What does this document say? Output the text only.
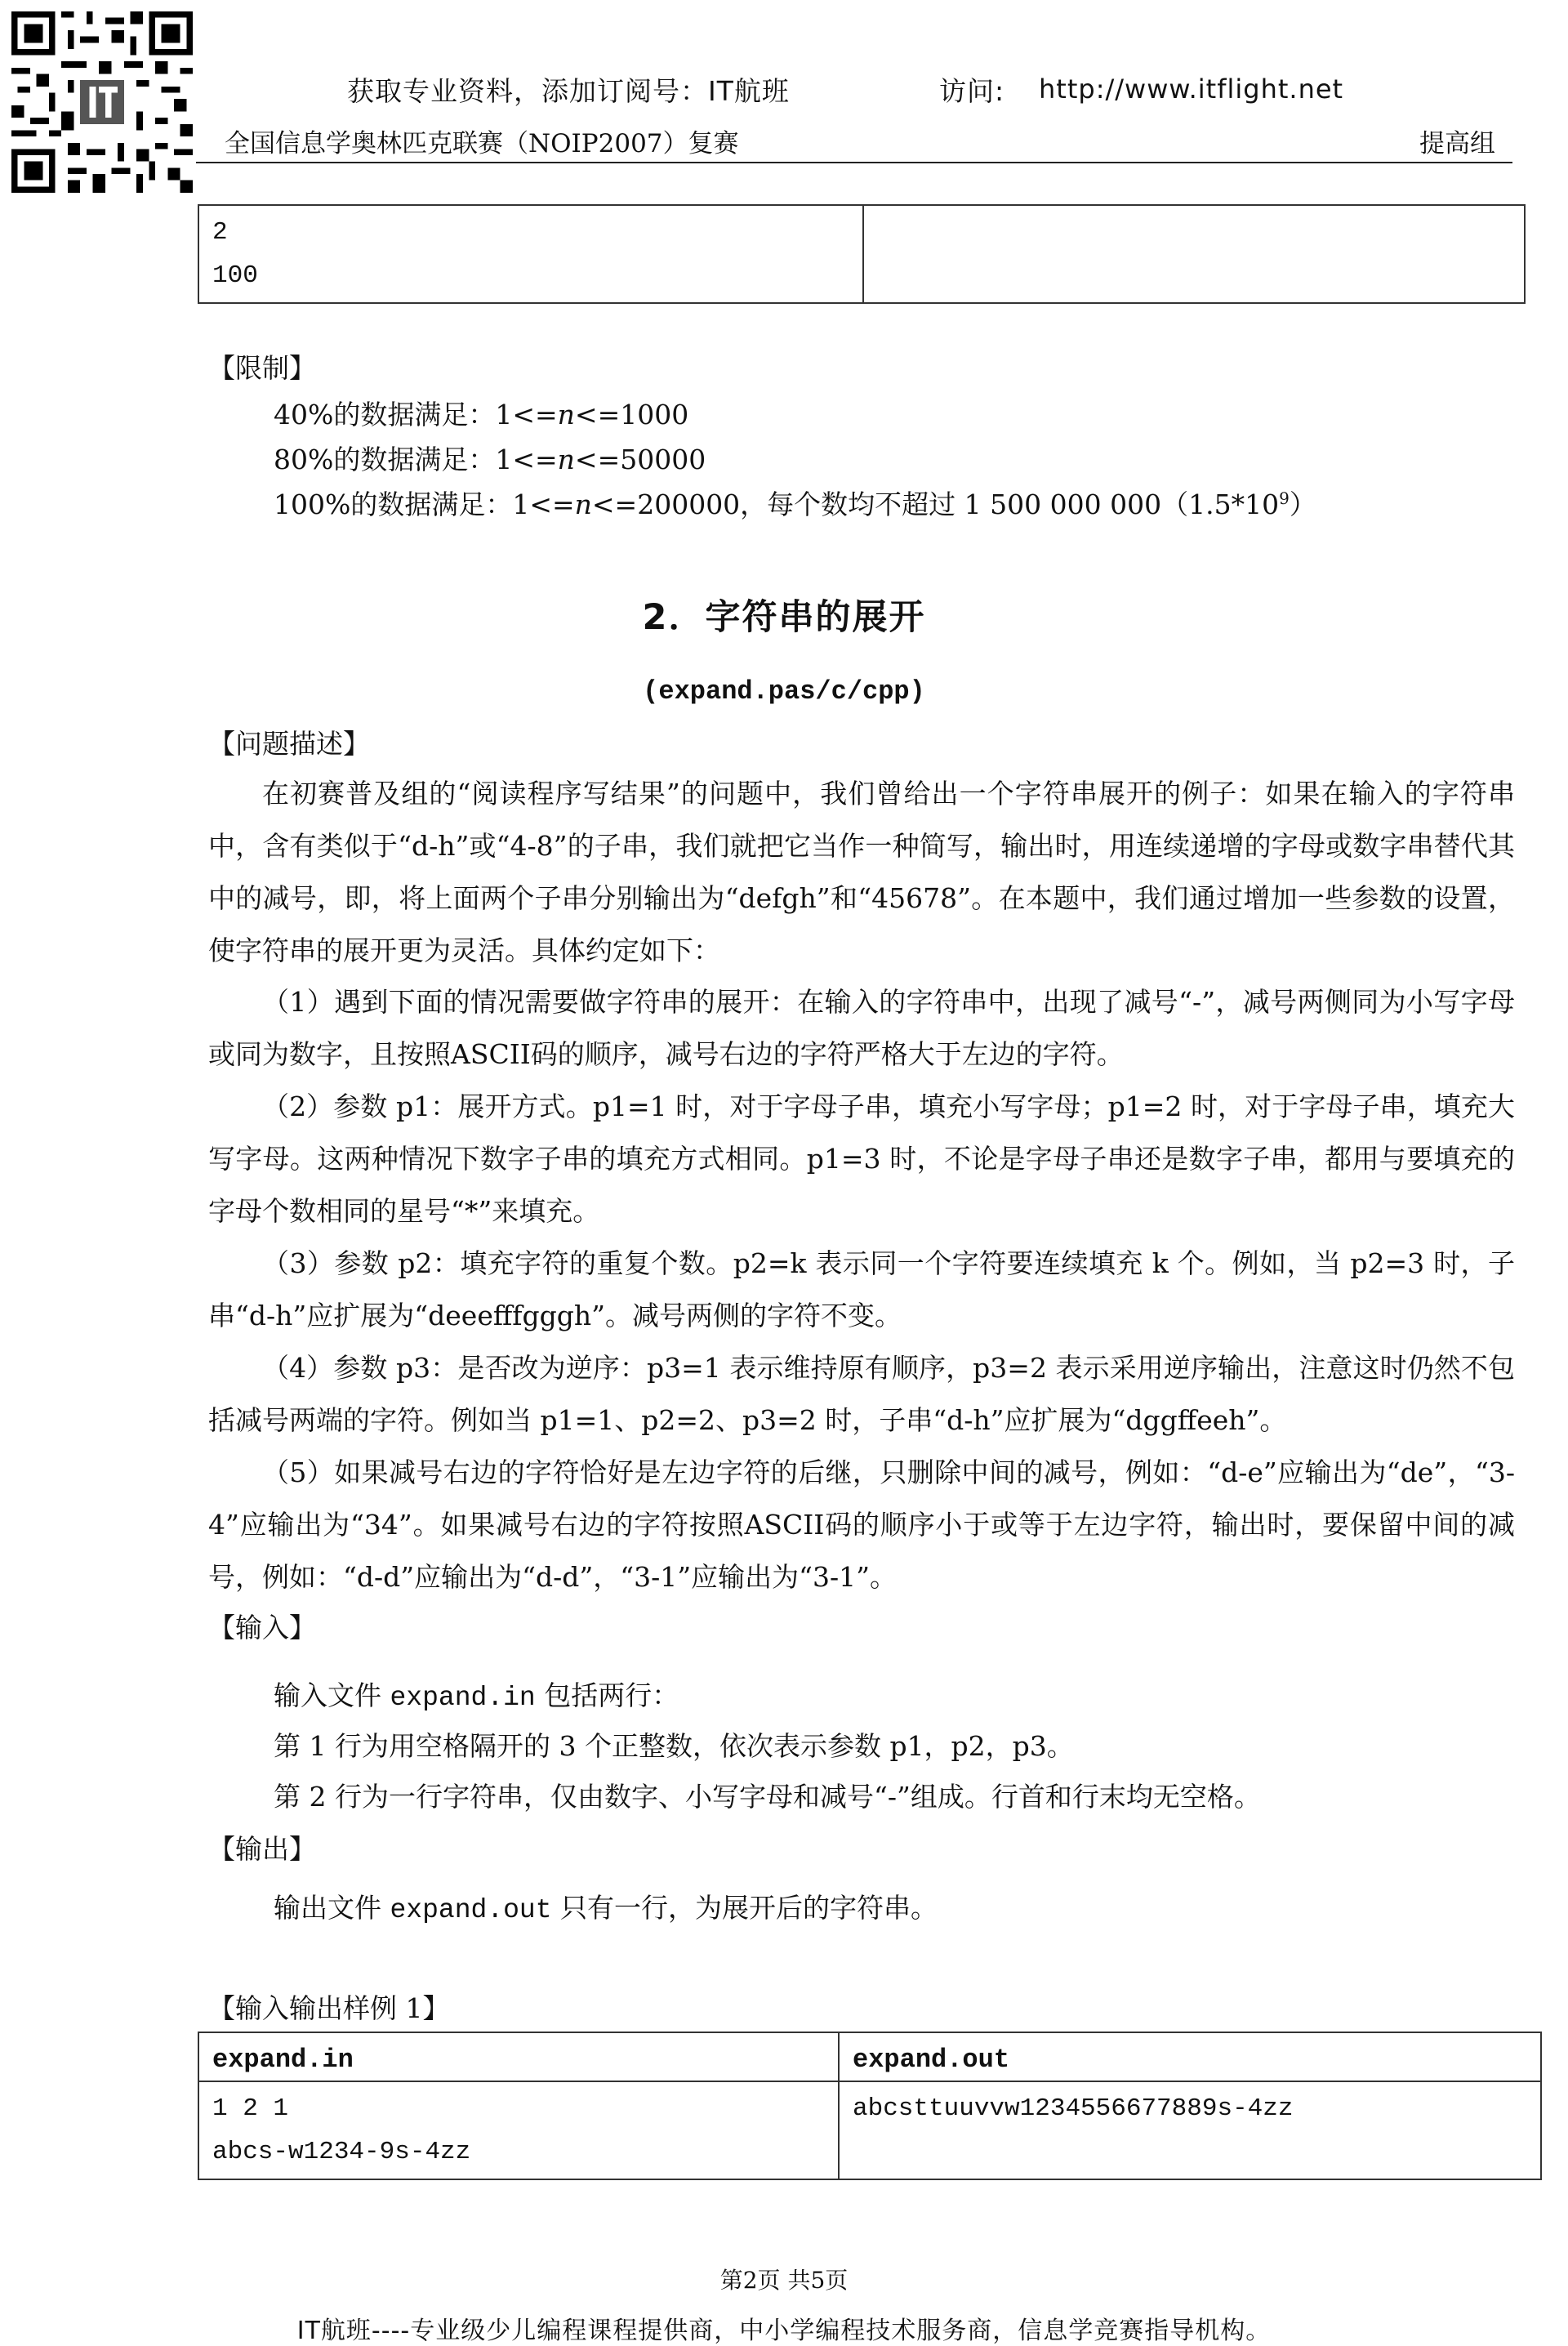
获取专业资料，添加订阅号：IT航班	访问: http://www.itflight.net
全国信息学奥林匹克联赛（NOIP2007）复赛	提高组
2
100

【限制】
40%的数据满足：1<=n<=1000
80%的数据满足：1<=n<=50000
100%的数据满足：1<=n<=200000，每个数均不超过 1 500 000 $000(1.5*10^9)$
2．字符串的展开
(expand.pas/c/cpp)
【问题描述】
在初赛普及组的“阅读程序写结果”的问题中，我们曾给出一个字符串展开的例子：如果在输入的字符串中，含有类似于“d-h”或“4-8”的子串，我们就把它当作一种简写，输出时，用连续递增的字母或数字串替代其中的减号，即，将上面两个子串分别输出为“defgh”和“45678”。在本题中，我们通过增加一些参数的设置，使字符串的展开更为灵活。具体约定如下：
（1）遇到下面的情况需要做字符串的展开：在输入的字符串中，出现了减号“-”，减号两侧同为小写字母或同为数字，且按照ASCII码的顺序，减号右边的字符严格大于左边的字符。
（2）参数 p1：展开方式。p1=1 时，对于字母子串，填充小写字母；p1=2 时，对于字母子串，填充大写字母。这两种情况下数字子串的填充方式相同。p1=3 时，不论是字母子串还是数字子串，都用与要填充的字母个数相同的星号“*”来填充。
（3）参数 p2：填充字符的重复个数。p2=k 表示同一个字符要连续填充 k 个。例如，当 p2=3 时，子串“d-h”应扩展为“deeefffgggh”。减号两侧的字符不变。
（4）参数 p3：是否改为逆序：p3=1 表示维持原有顺序，p3=2 表示采用逆序输出，注意这时仍然不包括减号两端的字符。例如当 p1=1、p2=2、p3=2 时，子串“d-h”应扩展为“dggffeeh”。
（5）如果减号右边的字符恰好是左边字符的后继，只删除中间的减号，例如：“d-e”应输出为“de”，“3-4”应输出为“34”。如果减号右边的字符按照ASCII码的顺序小于或等于左边字符，输出时，要保留中间的减号，例如：“d-d”应输出为“d-d”，“3-1”应输出为“3-1”。
【输入】
输入文件 expand.in 包括两行：
第 1 行为用空格隔开的 3 个正整数，依次表示参数 p1，p2，p3。
第 2 行为一行字符串，仅由数字、小写字母和减号“-”组成。行首和行末均无空格。
【输出】
输出文件 expand.out 只有一行，为展开后的字符串。
【输入输出样例 1】
expand.in	expand.out

1 2 1
abcs-w1234-9s-4zz	abcsttuuvvw1234556677889s-4zz
第2页 共5页
IT航班----专业级少儿编程课程提供商，中小学编程技术服务商，信息学竞赛指导机构。
